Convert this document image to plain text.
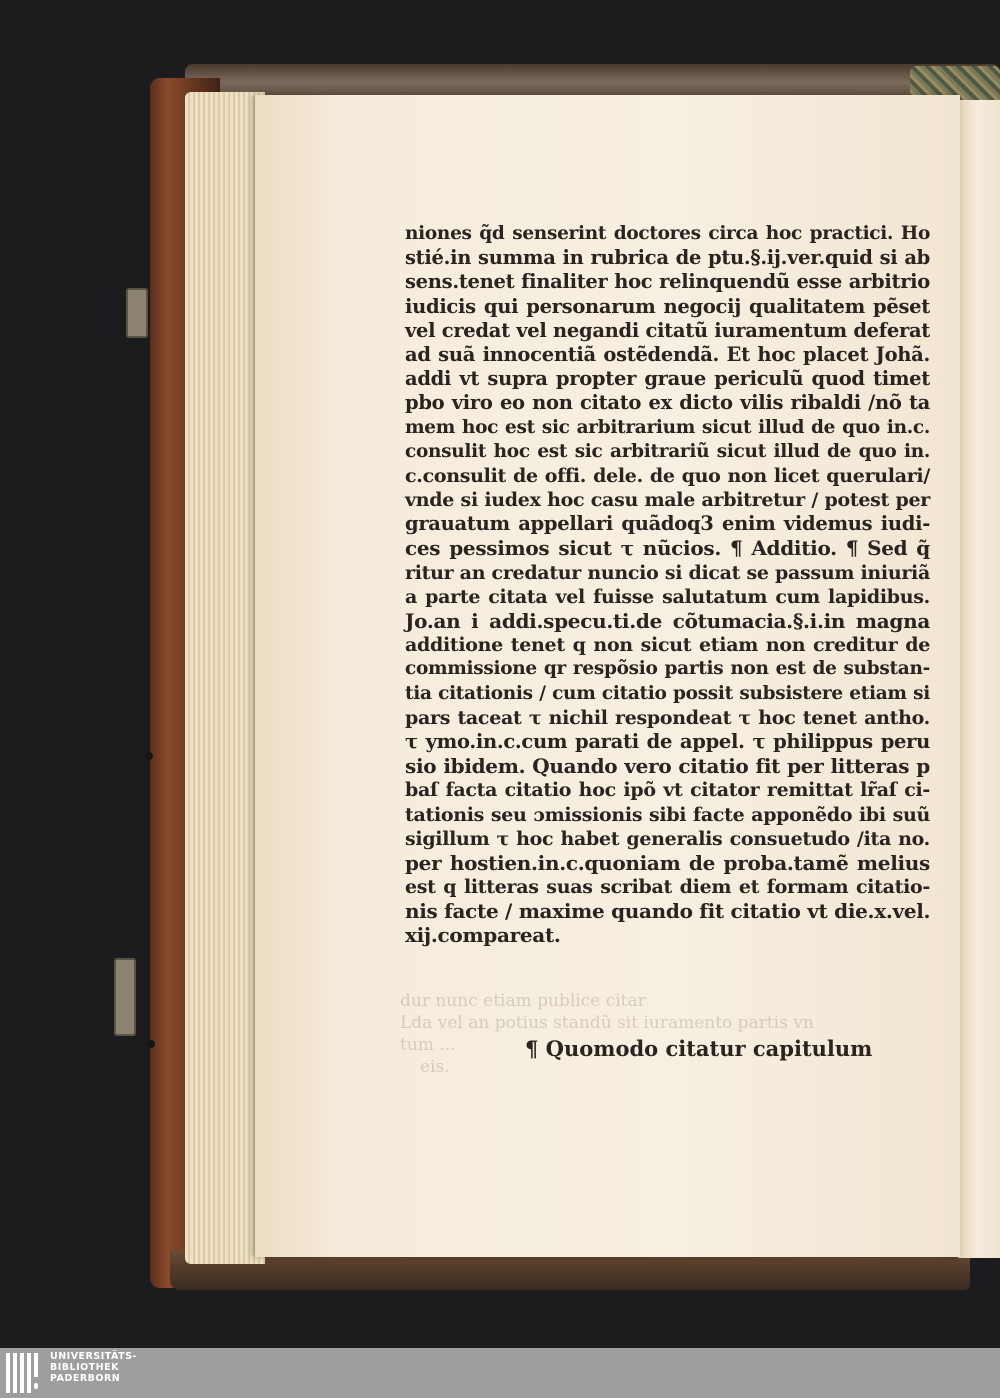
dur nunc etiam publice citar
Lda vel an potius standũ sit iuramento partis vn
tum ...
eis.
niones q̃d senserint doctores circa hoc practici. Ho
stié.in summa in rubrica de ptu.§.ij.ver.quid si ab
sens.tenet finaliter hoc relinquendũ esse arbitrio
iudicis qui personarum negocij qualitatem pẽset
vel credat vel negandi citatũ iuramentum deferat
ad suã innocentiã ostẽdendã. Et hoc placet Johã.
addi vt supra propter graue periculũ quod timet
pbo viro eo non citato ex dicto vilis ribaldi /nõ ta
mem hoc est sic arbitrarium sicut illud de quo in.c.
consulit hoc est sic arbitrariũ sicut illud de quo in.
c.consulit de offi. dele. de quo non licet querulari/
vnde si iudex hoc casu male arbitretur / potest per
grauatum appellari quãdoq3 enim videmus iudi-
ces pessimos sicut τ nũcios. ¶ Additio. ¶ Sed q̃
ritur an credatur nuncio si dicat se passum iniuriã
a parte citata vel fuisse salutatum cum lapidibus.
Jo.an i addi.specu.ti.de cõtumacia.§.i.in magna
additione tenet q non sicut etiam non creditur de
commissione qr respõsio partis non est de substan-
tia citationis / cum citatio possit subsistere etiam si
pars taceat τ nichil respondeat τ hoc tenet antho.
τ ymo.in.c.cum parati de appel. τ philippus peru
sio ibidem. Quando vero citatio fit per litteras p
baſ facta citatio hoc ipõ vt citator remittat lr̃aſ ci-
tationis seu ɔmissionis sibi facte apponẽdo ibi suũ
sigillum τ hoc habet generalis consuetudo /ita no.
per hostien.in.c.quoniam de proba.tamẽ melius
est q litteras suas scribat diem et formam citatio-
nis facte / maxime quando fit citatio vt die.x.vel.
xij.compareat.
¶ Quomodo citatur capitulum
UNIVERSITÄTS-
BIBLIOTHEK
PADERBORN
